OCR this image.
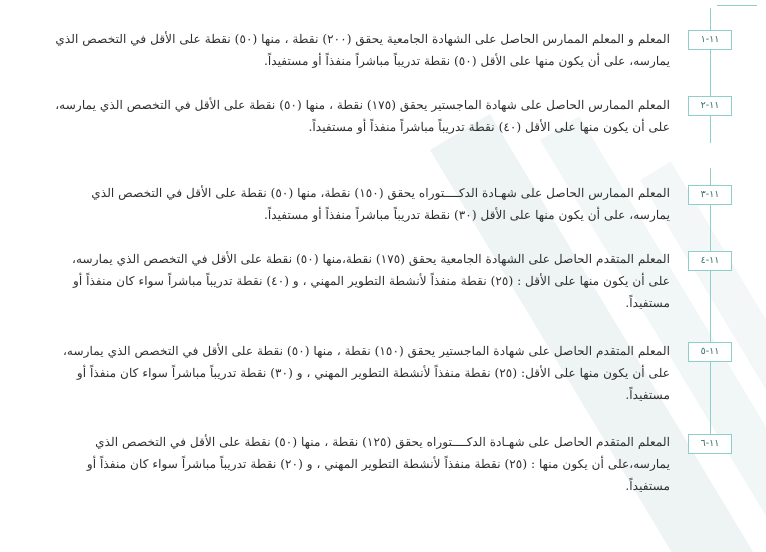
١١-١
المعلم و المعلم الممارس الحاصل على الشهادة الجامعية يحقق (٢٠٠) نقطة ، منها (٥٠) نقطة على الأقل في التخصص الذي يمارسه، على أن يكون منها على الأقل (٥٠) نقطة تدريباً مباشراً منفذاً أو مستفيداً.
١١-٢
المعلم الممارس الحاصل على شهادة الماجستير يحقق (١٧٥) نقطة ، منها (٥٠) نقطة على الأقل في التخصص الذي يمارسه، على أن يكون منها على الأقل (٤٠) نقطة تدريباً مباشراً منفذاً أو مستفيداً.
١١-٣
المعلم الممارس الحاصل على شهـادة الدكــــتوراه يحقق (١٥٠) نقطة، منها (٥٠) نقطة على الأقل في التخصص الذي يمارسه، على أن يكون منها على الأقل (٣٠) نقطة تدريباً مباشراً منفذاً أو مستفيداً.
١١-٤
المعلم المتقدم الحاصل على الشهادة الجامعية يحقق (١٧٥) نقطة،منها (٥٠) نقطة على الأقل في التخصص الذي يمارسه، على أن يكون منها على الأقل : (٢٥) نقطة منفذاً لأنشطة التطوير المهني ، و (٤٠) نقطة تدريباً مباشراً سواء كان منفذاً أو مستفيداً.
١١-٥
المعلم المتقدم الحاصل على شهادة الماجستير يحقق (١٥٠) نقطة ، منها (٥٠) نقطة على الأقل في التخصص الذي يمارسه، على أن يكون منها على الأقل: (٢٥) نقطة منفذاً لأنشطة التطوير المهني ، و (٣٠) نقطة تدريباً مباشراً سواء كان منفذاً أو مستفيداً.
١١-٦
المعلم المتقدم الحاصل على شهـادة الدكــــتوراه يحقق (١٢٥) نقطة ، منها (٥٠) نقطة على الأقل في التخصص الذي يمارسه،على أن يكون منها : (٢٥) نقطة منفذاً لأنشطة التطوير المهني ، و (٢٠) نقطة تدريباً مباشراً سواء كان منفذاً أو مستفيداً.
